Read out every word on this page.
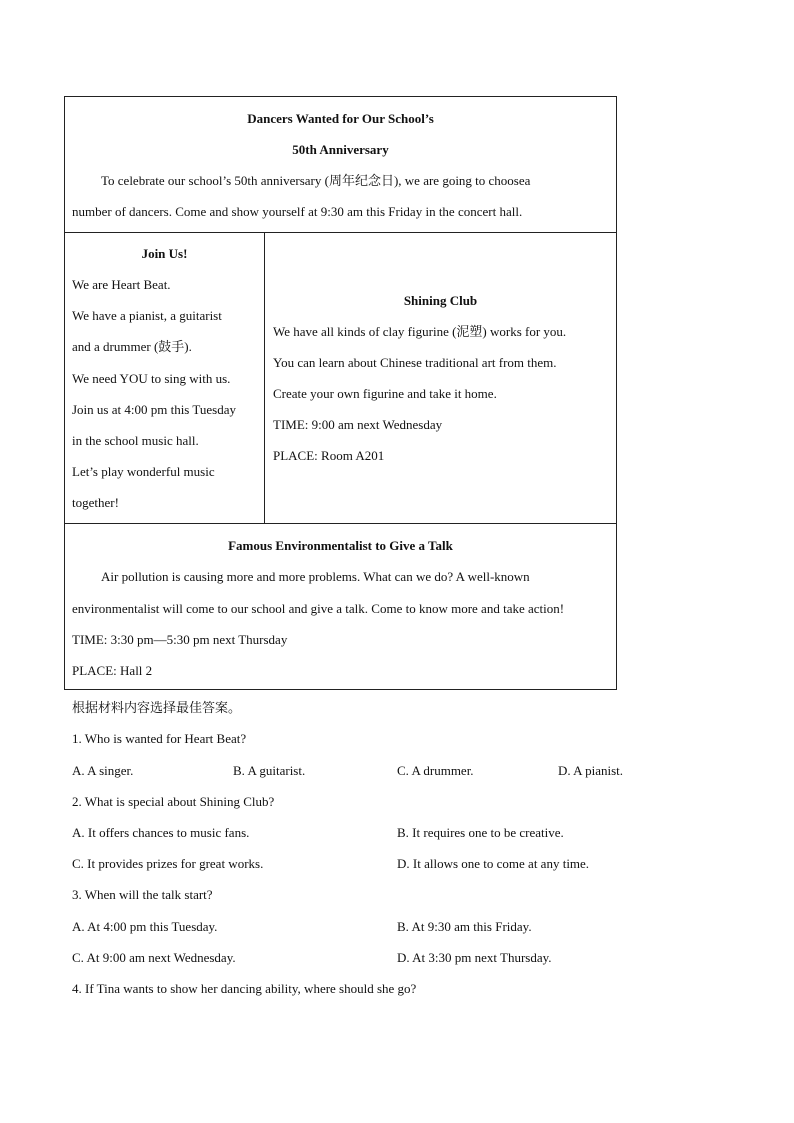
Dancers Wanted for Our School’s
50th Anniversary
To celebrate our school’s 50th anniversary (周年纪念日), we are going to choosea
number of dancers. Come and show yourself at 9:30 am this Friday in the concert hall.
Join Us!
We are Heart Beat.
We have a pianist, a guitarist
and a drummer (鼓手).
We need YOU to sing with us.
Join us at 4:00 pm this Tuesday
in the school music hall.
Let’s play wonderful music
together!
Shining Club
We have all kinds of clay figurine (泥塑) works for you.
You can learn about Chinese traditional art from them.
Create your own figurine and take it home.
TIME: 9:00 am next Wednesday
PLACE: Room A201
Famous Environmentalist to Give a Talk
Air pollution is causing more and more problems. What can we do? A well-known
environmentalist will come to our school and give a talk. Come to know more and take action!
TIME: 3:30 pm—5:30 pm next Thursday
PLACE: Hall 2
根据材料内容选择最佳答案。
1. Who is wanted for Heart Beat?
A. A singer.	B. A guitarist.	C. A drummer.	D. A pianist.
2. What is special about Shining Club?
A. It offers chances to music fans.	B. It requires one to be creative.
C. It provides prizes for great works.	D. It allows one to come at any time.
3. When will the talk start?
A. At 4:00 pm this Tuesday.	B. At 9:30 am this Friday.
C. At 9:00 am next Wednesday.	D. At 3:30 pm next Thursday.
4. If Tina wants to show her dancing ability, where should she go?
